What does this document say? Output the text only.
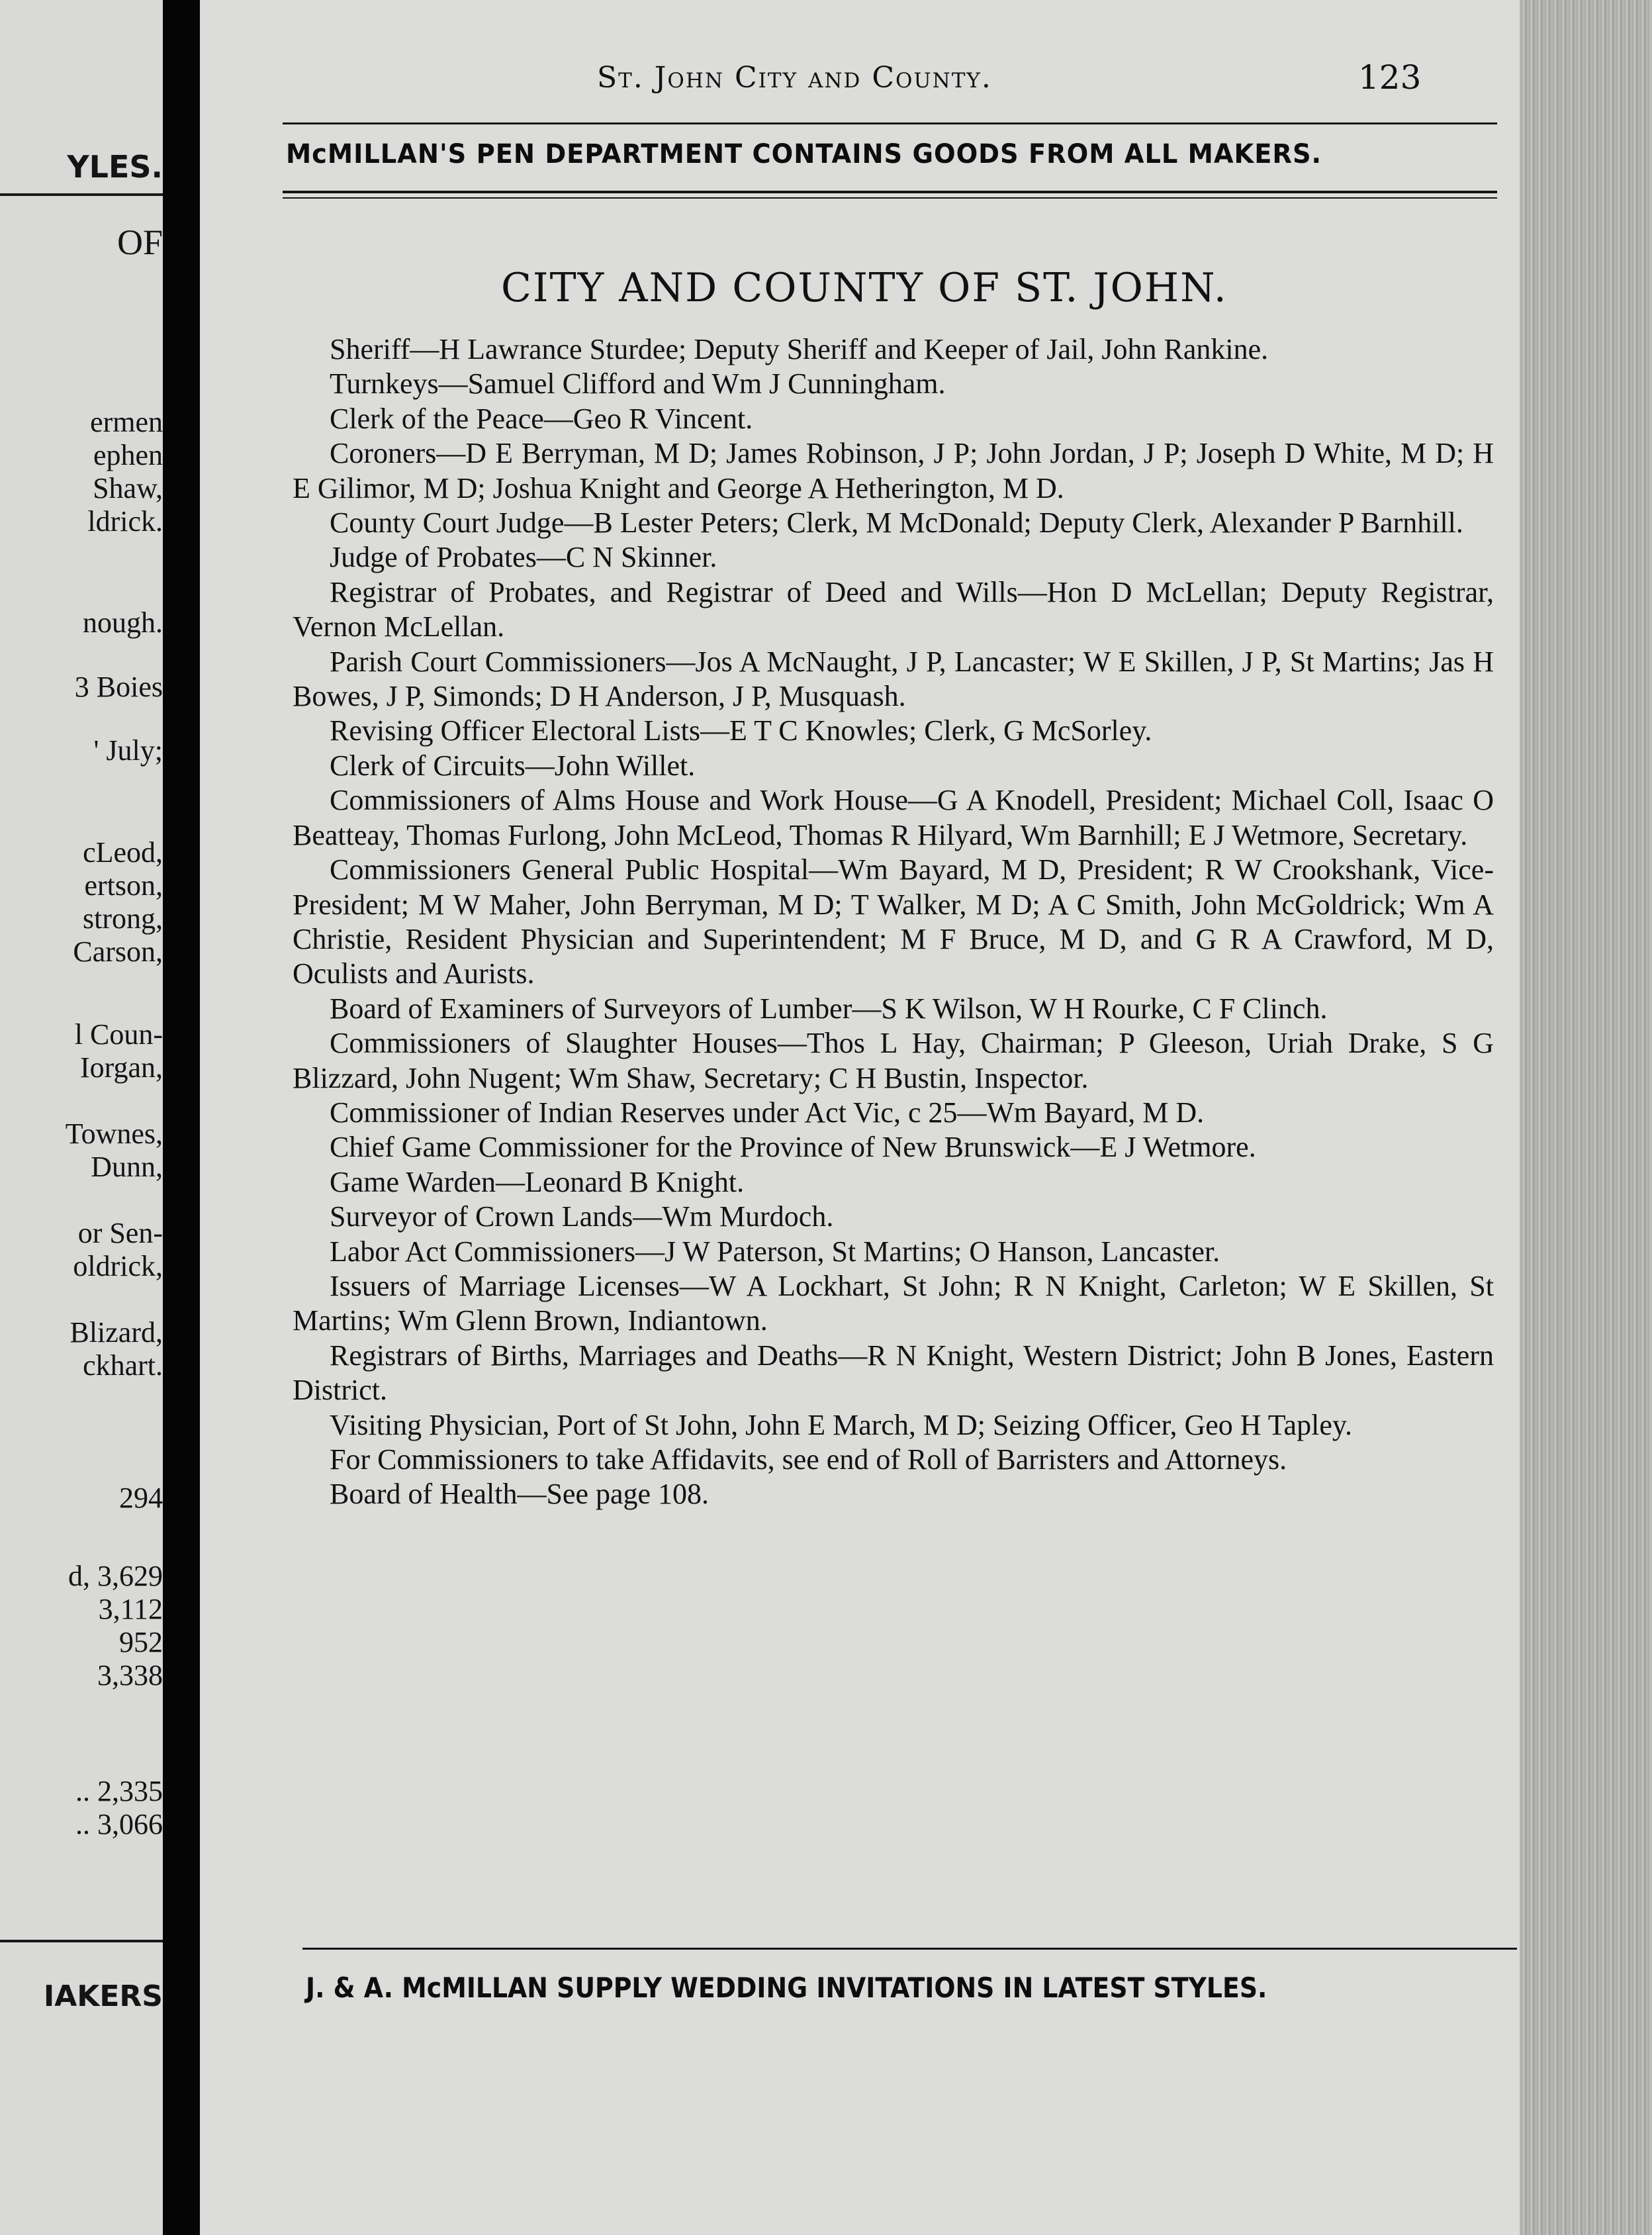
YLES.
OF
ermen
ephen
Shaw,
ldrick.
nough.
3 Boies
' July;
cLeod,
ertson,
strong,
Carson,
l Coun-
Iorgan,
Townes,
Dunn,
or Sen-
oldrick,
Blizard,
ckhart.
294
d, 3,629
3,112
952
3,338
.. 2,335
.. 3,066
IAKERS
St. John City and County.	123
McMILLAN'S PEN DEPARTMENT CONTAINS GOODS FROM ALL MAKERS.
CITY AND COUNTY OF ST. JOHN.

Sheriff—H Lawrance Sturdee; Deputy Sheriff and Keeper of Jail, John Rankine.

Turnkeys—Samuel Clifford and Wm J Cunningham.

Clerk of the Peace—Geo R Vincent.

Coroners—D E Berryman, M D; James Robinson, J P; John Jordan, J P; Joseph D White, M D; H E Gilimor, M D; Joshua Knight and George A Hetherington, M D.

County Court Judge—B Lester Peters; Clerk, M McDonald; Deputy Clerk, Alexander P Barnhill.

Judge of Probates—C N Skinner.

Registrar of Probates, and Registrar of Deed and Wills—Hon D McLellan; Deputy Registrar, Vernon McLellan.

Parish Court Commissioners—Jos A McNaught, J P, Lancaster; W E Skillen, J P, St Martins; Jas H Bowes, J P, Simonds; D H Anderson, J P, Musquash.

Revising Officer Electoral Lists—E T C Knowles; Clerk, G McSorley.

Clerk of Circuits—John Willet.

Commissioners of Alms House and Work House—G A Knodell, President; Michael Coll, Isaac O Beatteay, Thomas Furlong, John McLeod, Thomas R Hilyard, Wm Barnhill; E J Wetmore, Secretary.

Commissioners General Public Hospital—Wm Bayard, M D, President; R W Crookshank, Vice-President; M W Maher, John Berryman, M D; T Walker, M D; A C Smith, John McGoldrick; Wm A Christie, Resident Physician and Superintendent; M F Bruce, M D, and G R A Crawford, M D, Oculists and Aurists.

Board of Examiners of Surveyors of Lumber—S K Wilson, W H Rourke, C F Clinch.

Commissioners of Slaughter Houses—Thos L Hay, Chairman; P Gleeson, Uriah Drake, S G Blizzard, John Nugent; Wm Shaw, Secretary; C H Bustin, Inspector.

Commissioner of Indian Reserves under Act Vic, c 25—Wm Bayard, M D.

Chief Game Commissioner for the Province of New Brunswick—E J Wetmore.

Game Warden—Leonard B Knight.

Surveyor of Crown Lands—Wm Murdoch.

Labor Act Commissioners—J W Paterson, St Martins; O Hanson, Lancaster.

Issuers of Marriage Licenses—W A Lockhart, St John; R N Knight, Carleton; W E Skillen, St Martins; Wm Glenn Brown, Indiantown.

Registrars of Births, Marriages and Deaths—R N Knight, Western District; John B Jones, Eastern District.

Visiting Physician, Port of St John, John E March, M D; Seizing Officer, Geo H Tapley.

For Commissioners to take Affidavits, see end of Roll of Barristers and Attorneys.

Board of Health—See page 108.

J. & A. McMILLAN SUPPLY WEDDING INVITATIONS IN LATEST STYLES.
